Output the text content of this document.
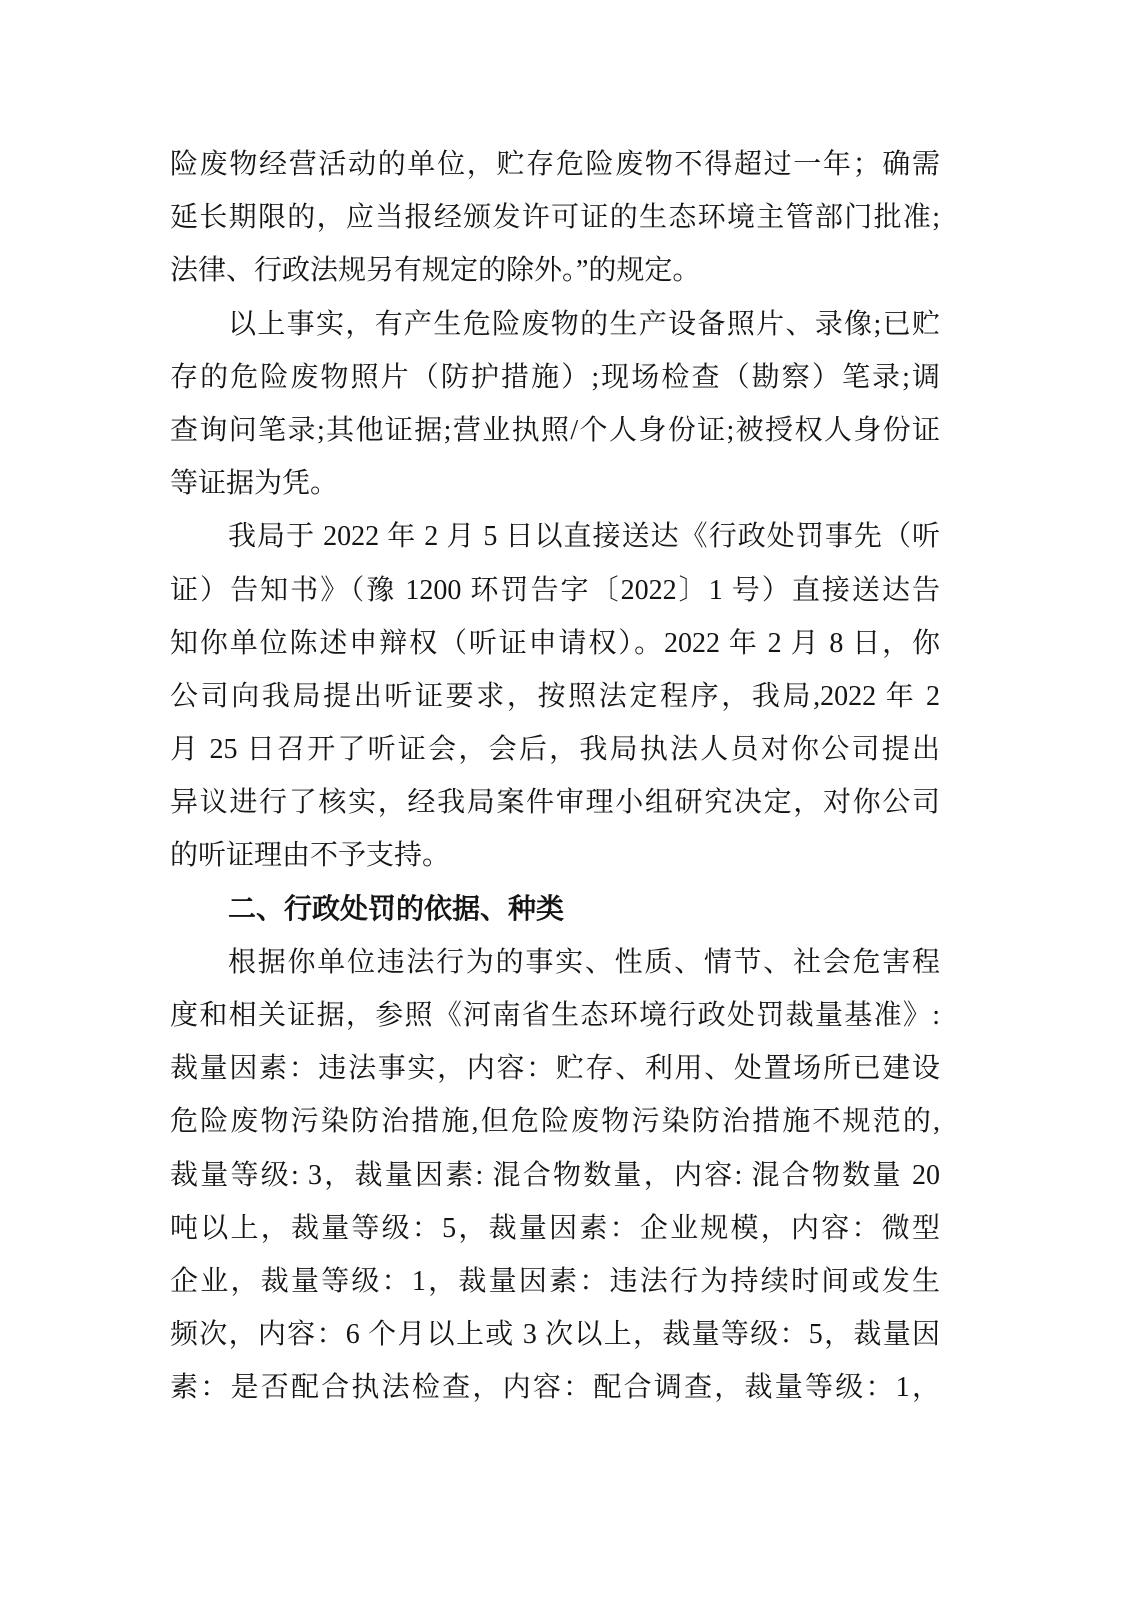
险废物经营活动的单位，贮存危险废物不得超过一年；确需
延长期限的，应当报经颁发许可证的生态环境主管部门批准;
法律、行政法规另有规定的除外。”的规定。
以上事实，有产生危险废物的生产设备照片、录像;已贮
存的危险废物照片（防护措施）;现场检查（勘察）笔录;调
查询问笔录;其他证据;营业执照/个人身份证;被授权人身份证
等证据为凭。
我局于 2022 年 2 月 5 日以直接送达《行政处罚事先（听
证）告知书》（豫 1200 环罚告字〔2022〕1 号）直接送达告
知你单位陈述申辩权（听证申请权）。2022 年 2 月 8 日，你
公司向我局提出听证要求，按照法定程序，我局,2022 年 2
月 25 日召开了听证会，会后，我局执法人员对你公司提出
异议进行了核实，经我局案件审理小组研究决定，对你公司
的听证理由不予支持。
二、行政处罚的依据、种类
根据你单位违法行为的事实、性质、情节、社会危害程
度和相关证据，参照《河南省生态环境行政处罚裁量基准》:
裁量因素：违法事实，内容：贮存、利用、处置场所已建设
危险废物污染防治措施,但危险废物污染防治措施不规范的,
裁量等级: 3，裁量因素: 混合物数量，内容: 混合物数量 20
吨以上，裁量等级：5，裁量因素：企业规模，内容：微型
企业，裁量等级：1，裁量因素：违法行为持续时间或发生
频次，内容：6 个月以上或 3 次以上，裁量等级：5，裁量因
素：是否配合执法检查，内容：配合调查，裁量等级：1，
